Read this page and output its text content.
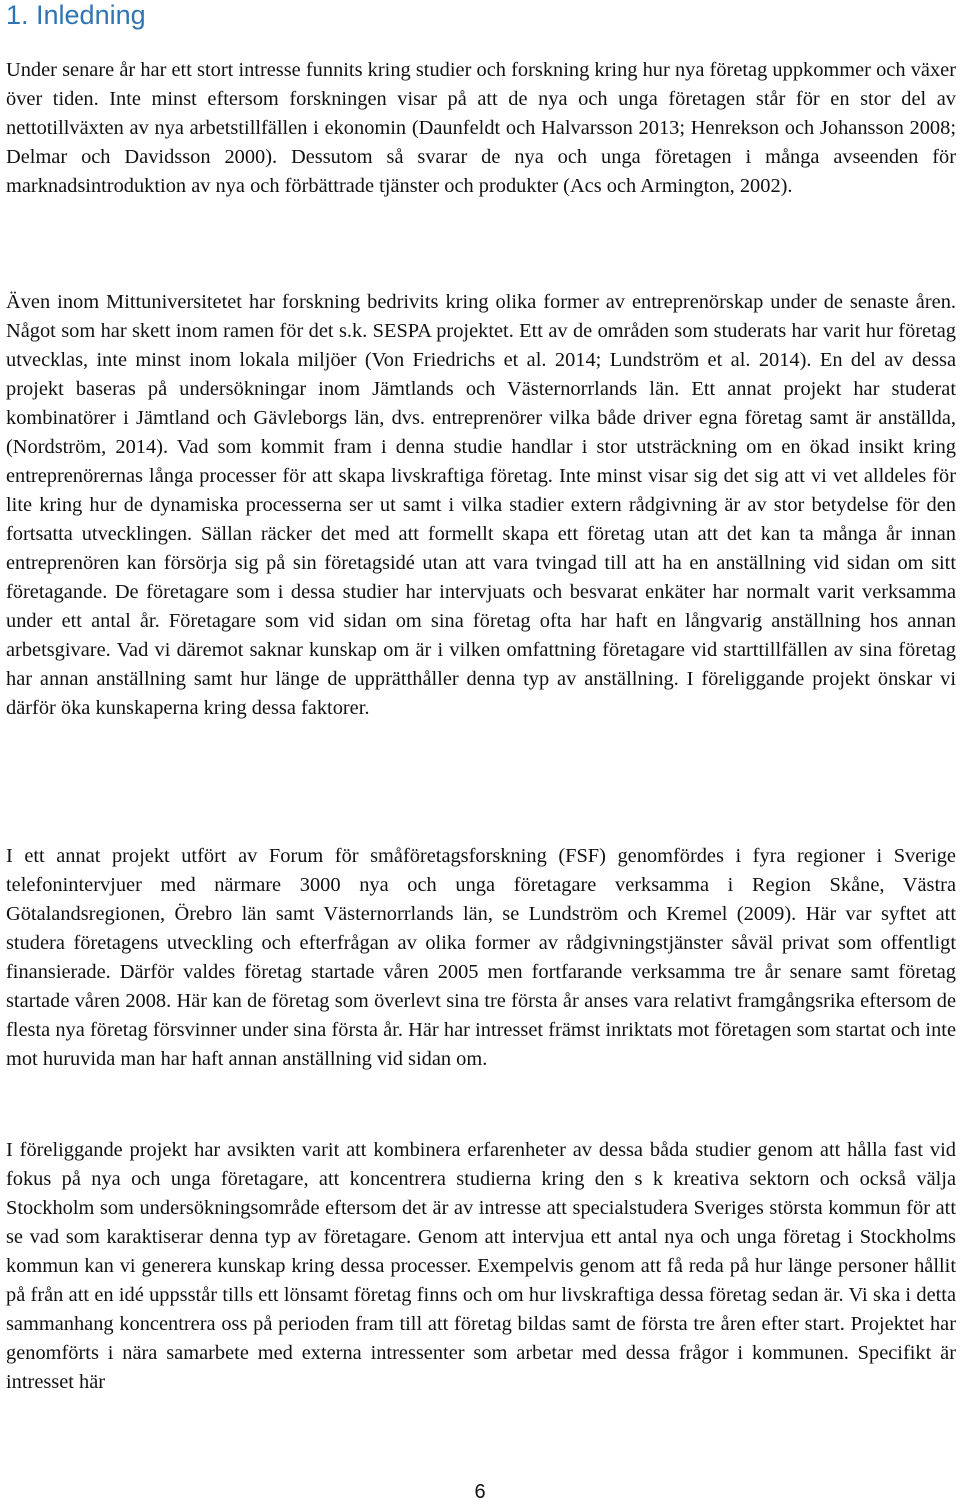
1. Inledning

Under senare år har ett stort intresse funnits kring studier och forskning kring hur nya företag uppkommer och växer över tiden. Inte minst eftersom forskningen visar på att de nya och unga företagen står för en stor del av nettotillväxten av nya arbetstillfällen i ekonomin (Daunfeldt och Halvarsson 2013; Henrekson och Johansson 2008; Delmar och Davidsson 2000). Dessutom så svarar de nya och unga företagen i många avseenden för marknadsintroduktion av nya och förbättrade tjänster och produkter (Acs och Armington, 2002).

Även inom Mittuniversitetet har forskning bedrivits kring olika former av entreprenörskap under de senaste åren. Något som har skett inom ramen för det s.k. SESPA projektet. Ett av de områden som studerats har varit hur företag utvecklas, inte minst inom lokala miljöer (Von Friedrichs et al. 2014; Lundström et al. 2014). En del av dessa projekt baseras på undersökningar inom Jämtlands och Västernorrlands län. Ett annat projekt har studerat kombinatörer i Jämtland och Gävleborgs län, dvs. entreprenörer vilka både driver egna företag samt är anställda, (Nordström, 2014). Vad som kommit fram i denna studie handlar i stor utsträckning om en ökad insikt kring entreprenörernas långa processer för att skapa livskraftiga företag. Inte minst visar sig det sig att vi vet alldeles för lite kring hur de dynamiska processerna ser ut samt i vilka stadier extern rådgivning är av stor betydelse för den fortsatta utvecklingen. Sällan räcker det med att formellt skapa ett företag utan att det kan ta många år innan entreprenören kan försörja sig på sin företagsidé utan att vara tvingad till att ha en anställning vid sidan om sitt företagande. De företagare som i dessa studier har intervjuats och besvarat enkäter har normalt varit verksamma under ett antal år. Företagare som vid sidan om sina företag ofta har haft en långvarig anställning hos annan arbetsgivare. Vad vi däremot saknar kunskap om är i vilken omfattning företagare vid starttillfällen av sina företag har annan anställning samt hur länge de upprätthåller denna typ av anställning. I föreliggande projekt önskar vi därför öka kunskaperna kring dessa faktorer.

I ett annat projekt utfört av Forum för småföretagsforskning (FSF) genomfördes i fyra regioner i Sverige telefonintervjuer med närmare 3000 nya och unga företagare verksamma i Region Skåne, Västra Götalandsregionen, Örebro län samt Västernorrlands län, se Lundström och Kremel (2009). Här var syftet att studera företagens utveckling och efterfrågan av olika former av rådgivningstjänster såväl privat som offentligt finansierade. Därför valdes företag startade våren 2005 men fortfarande verksamma tre år senare samt företag startade våren 2008. Här kan de företag som överlevt sina tre första år anses vara relativt framgångsrika eftersom de flesta nya företag försvinner under sina första år. Här har intresset främst inriktats mot företagen som startat och inte mot huruvida man har haft annan anställning vid sidan om.

I föreliggande projekt har avsikten varit att kombinera erfarenheter av dessa båda studier genom att hålla fast vid fokus på nya och unga företagare, att koncentrera studierna kring den s k kreativa sektorn och också välja Stockholm som undersökningsområde eftersom det är av intresse att specialstudera Sveriges största kommun för att se vad som karaktiserar denna typ av företagare. Genom att intervjua ett antal nya och unga företag i Stockholms kommun kan vi generera kunskap kring dessa processer. Exempelvis genom att få reda på hur länge personer hållit på från att en idé uppsstår tills ett lönsamt företag finns och om hur livskraftiga dessa företag sedan är. Vi ska i detta sammanhang koncentrera oss på perioden fram till att företag bildas samt de första tre åren efter start. Projektet har genomförts i nära samarbete med externa intressenter som arbetar med dessa frågor i kommunen. Specifikt är intresset här

6
